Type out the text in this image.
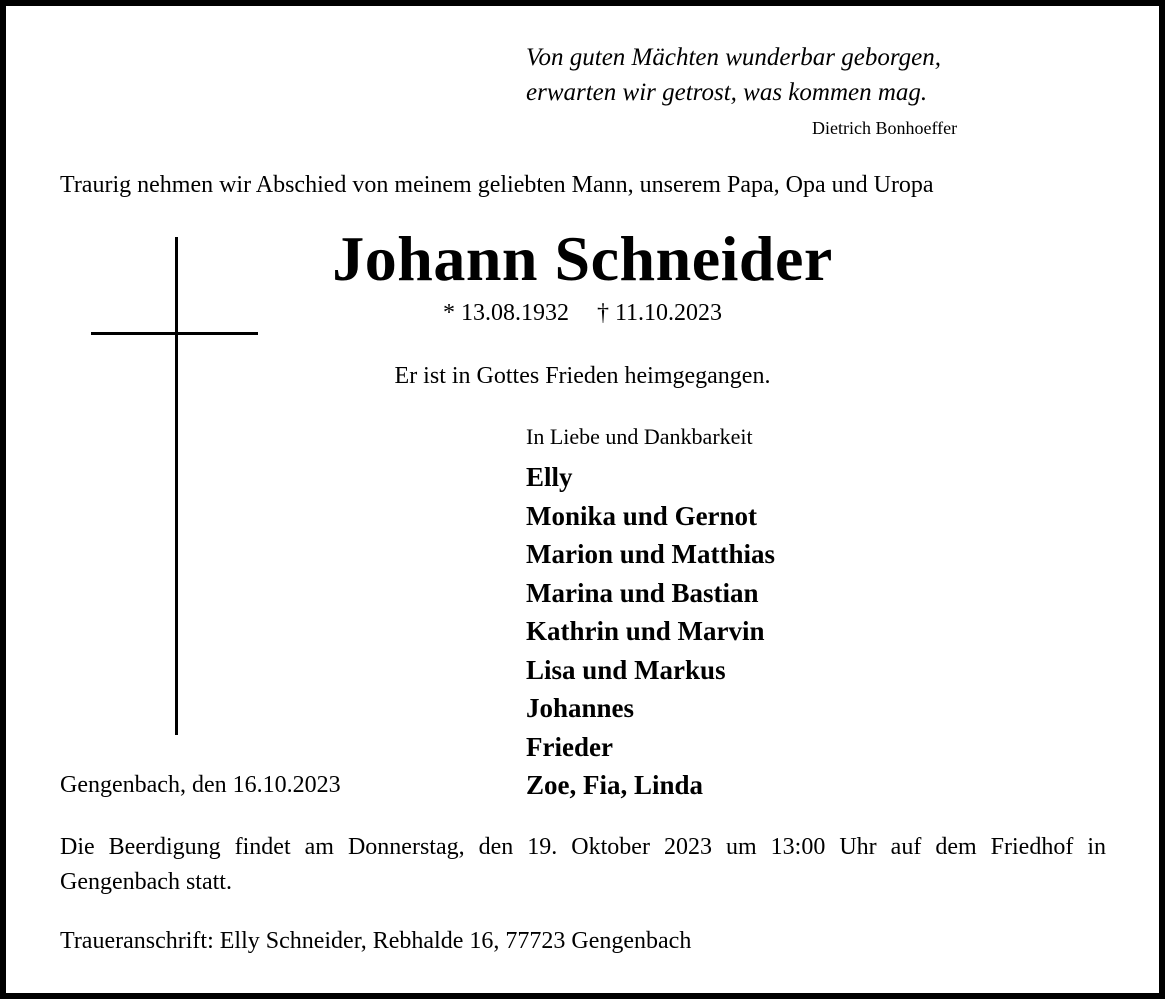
Von guten Mächten wunderbar geborgen,
erwarten wir getrost, was kommen mag.
Dietrich Bonhoeffer
Traurig nehmen wir Abschied von meinem geliebten Mann, unserem Papa, Opa und Uropa
Johann Schneider
* 13.08.1932 † 11.10.2023
Er ist in Gottes Frieden heimgegangen.
In Liebe und Dankbarkeit
Elly
Monika und Gernot
Marion und Matthias
Marina und Bastian
Kathrin und Marvin
Lisa und Markus
Johannes
Frieder
Zoe, Fia, Linda
Gengenbach, den 16.10.2023
Die Beerdigung findet am Donnerstag, den 19. Oktober 2023 um 13:00 Uhr auf dem Friedhof in Gengenbach statt.
Traueranschrift: Elly Schneider, Rebhalde 16, 77723 Gengenbach
